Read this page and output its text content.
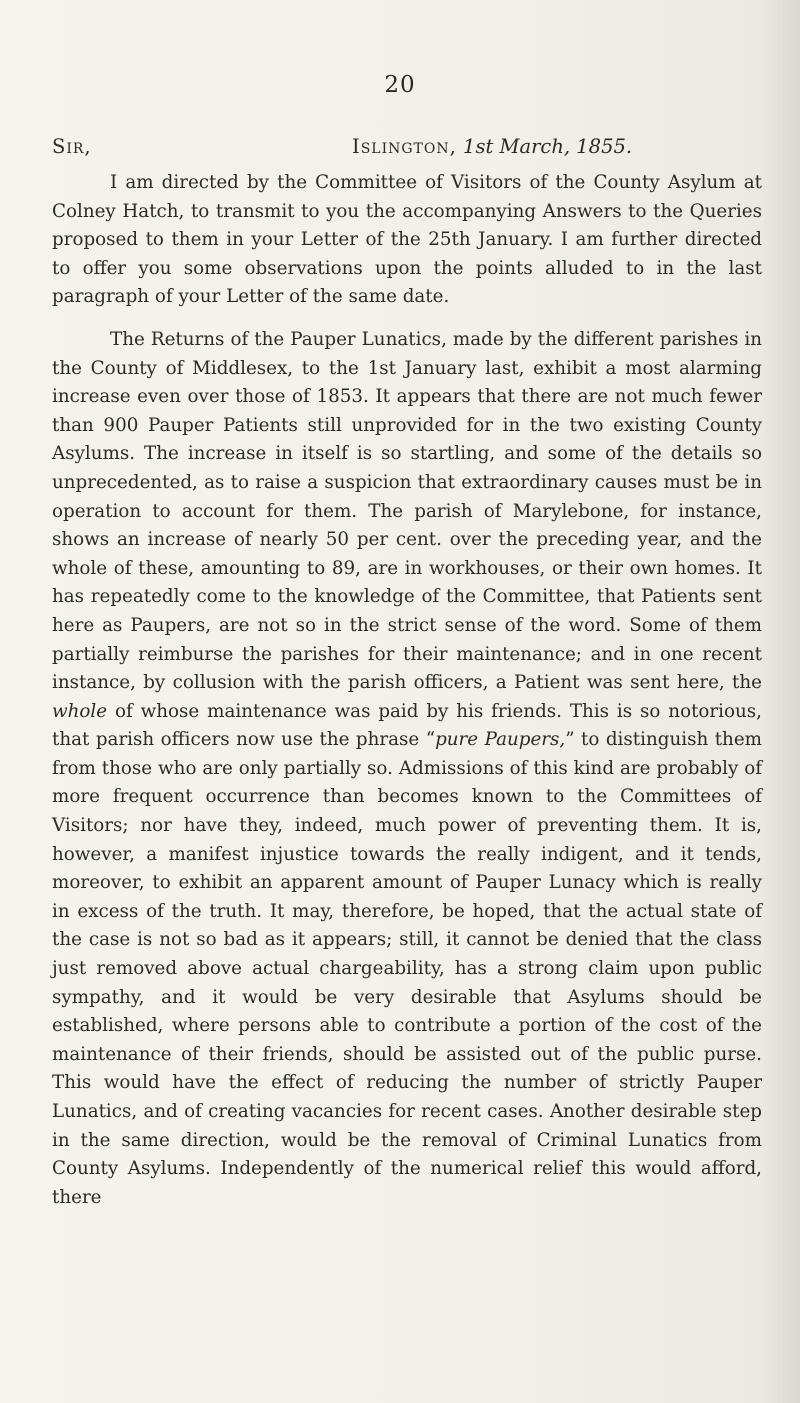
20
Sir,	Islington, 1st March, 1855.

I am directed by the Committee of Visitors of the County Asylum at Colney Hatch, to transmit to you the accompanying Answers to the Queries proposed to them in your Letter of the 25th January. I am further directed to offer you some observations upon the points alluded to in the last paragraph of your Letter of the same date.

The Returns of the Pauper Lunatics, made by the different parishes in the County of Middlesex, to the 1st January last, exhibit a most alarming increase even over those of 1853. It appears that there are not much fewer than 900 Pauper Patients still unprovided for in the two existing County Asylums. The increase in itself is so startling, and some of the details so unprecedented, as to raise a suspicion that extraordinary causes must be in operation to account for them. The parish of Marylebone, for instance, shows an increase of nearly 50 per cent. over the preceding year, and the whole of these, amounting to 89, are in workhouses, or their own homes. It has repeatedly come to the knowledge of the Committee, that Patients sent here as Paupers, are not so in the strict sense of the word. Some of them partially reimburse the parishes for their maintenance; and in one recent instance, by collusion with the parish officers, a Patient was sent here, the whole of whose maintenance was paid by his friends. This is so notorious, that parish officers now use the phrase “pure Paupers,” to distinguish them from those who are only partially so. Admissions of this kind are probably of more frequent occurrence than becomes known to the Committees of Visitors; nor have they, indeed, much power of preventing them. It is, however, a manifest injustice towards the really indigent, and it tends, moreover, to exhibit an apparent amount of Pauper Lunacy which is really in excess of the truth. It may, therefore, be hoped, that the actual state of the case is not so bad as it appears; still, it cannot be denied that the class just removed above actual chargeability, has a strong claim upon public sympathy, and it would be very desirable that Asylums should be established, where persons able to contribute a portion of the cost of the maintenance of their friends, should be assisted out of the public purse. This would have the effect of reducing the number of strictly Pauper Lunatics, and of creating vacancies for recent cases. Another desirable step in the same direction, would be the removal of Criminal Lunatics from County Asylums. Independently of the numerical relief this would afford, there
